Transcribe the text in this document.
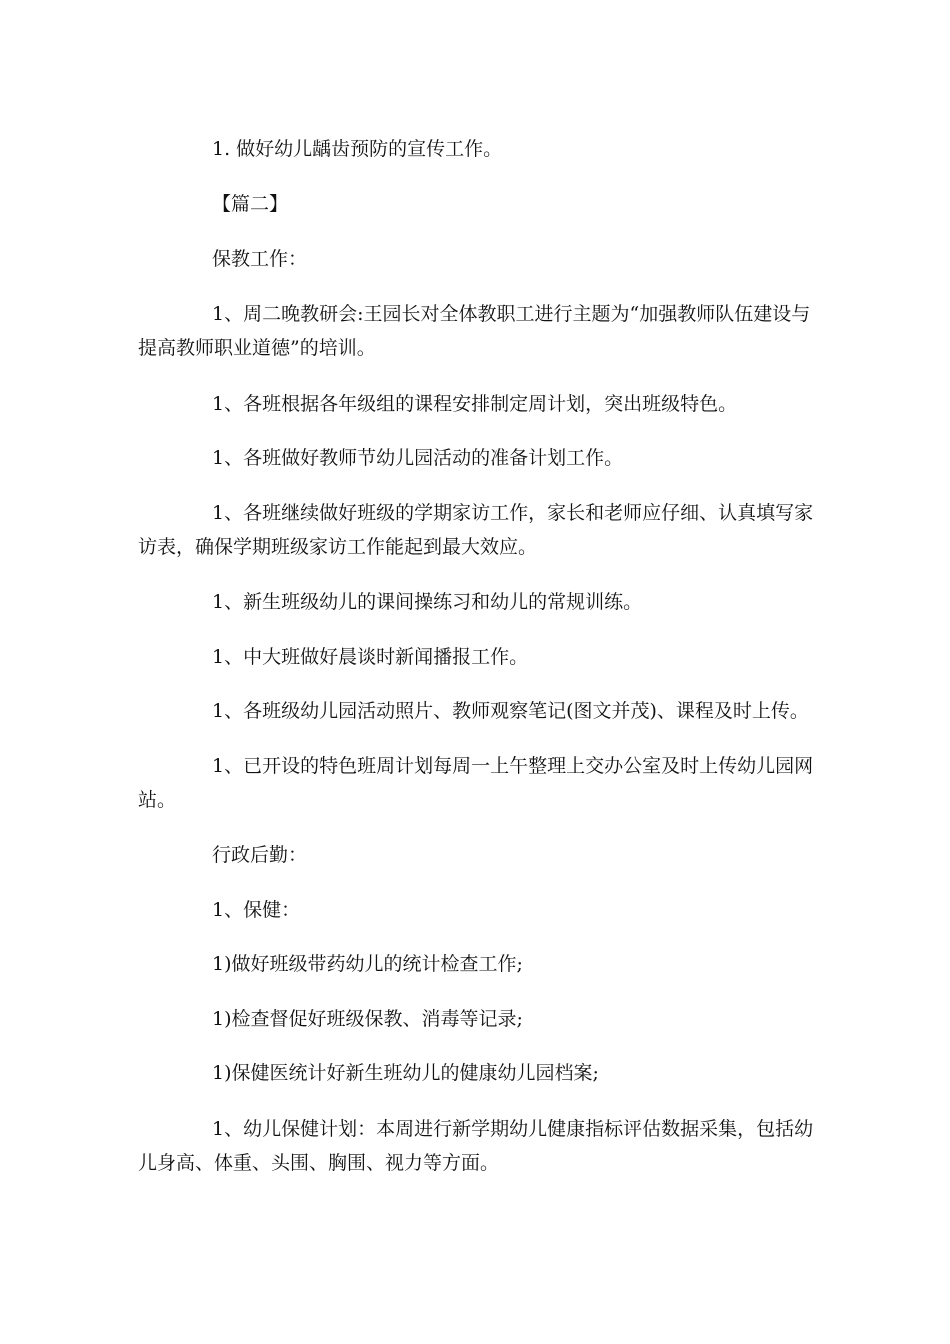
1. 做好幼儿龋齿预防的宣传工作。

【篇二】

保教工作：

1、周二晚教研会:王园长对全体教职工进行主题为“加强教师队伍建设与提高教师职业道德”的培训。

1、各班根据各年级组的课程安排制定周计划，突出班级特色。

1、各班做好教师节幼儿园活动的准备计划工作。

1、各班继续做好班级的学期家访工作，家长和老师应仔细、认真填写家访表，确保学期班级家访工作能起到最大效应。

1、新生班级幼儿的课间操练习和幼儿的常规训练。

1、中大班做好晨谈时新闻播报工作。

1、各班级幼儿园活动照片、教师观察笔记(图文并茂)、课程及时上传。

1、已开设的特色班周计划每周一上午整理上交办公室及时上传幼儿园网站。

行政后勤：

1、保健：

1)做好班级带药幼儿的统计检查工作;

1)检查督促好班级保教、消毒等记录;

1)保健医统计好新生班幼儿的健康幼儿园档案;

1、幼儿保健计划：本周进行新学期幼儿健康指标评估数据采集，包括幼儿身高、体重、头围、胸围、视力等方面。
